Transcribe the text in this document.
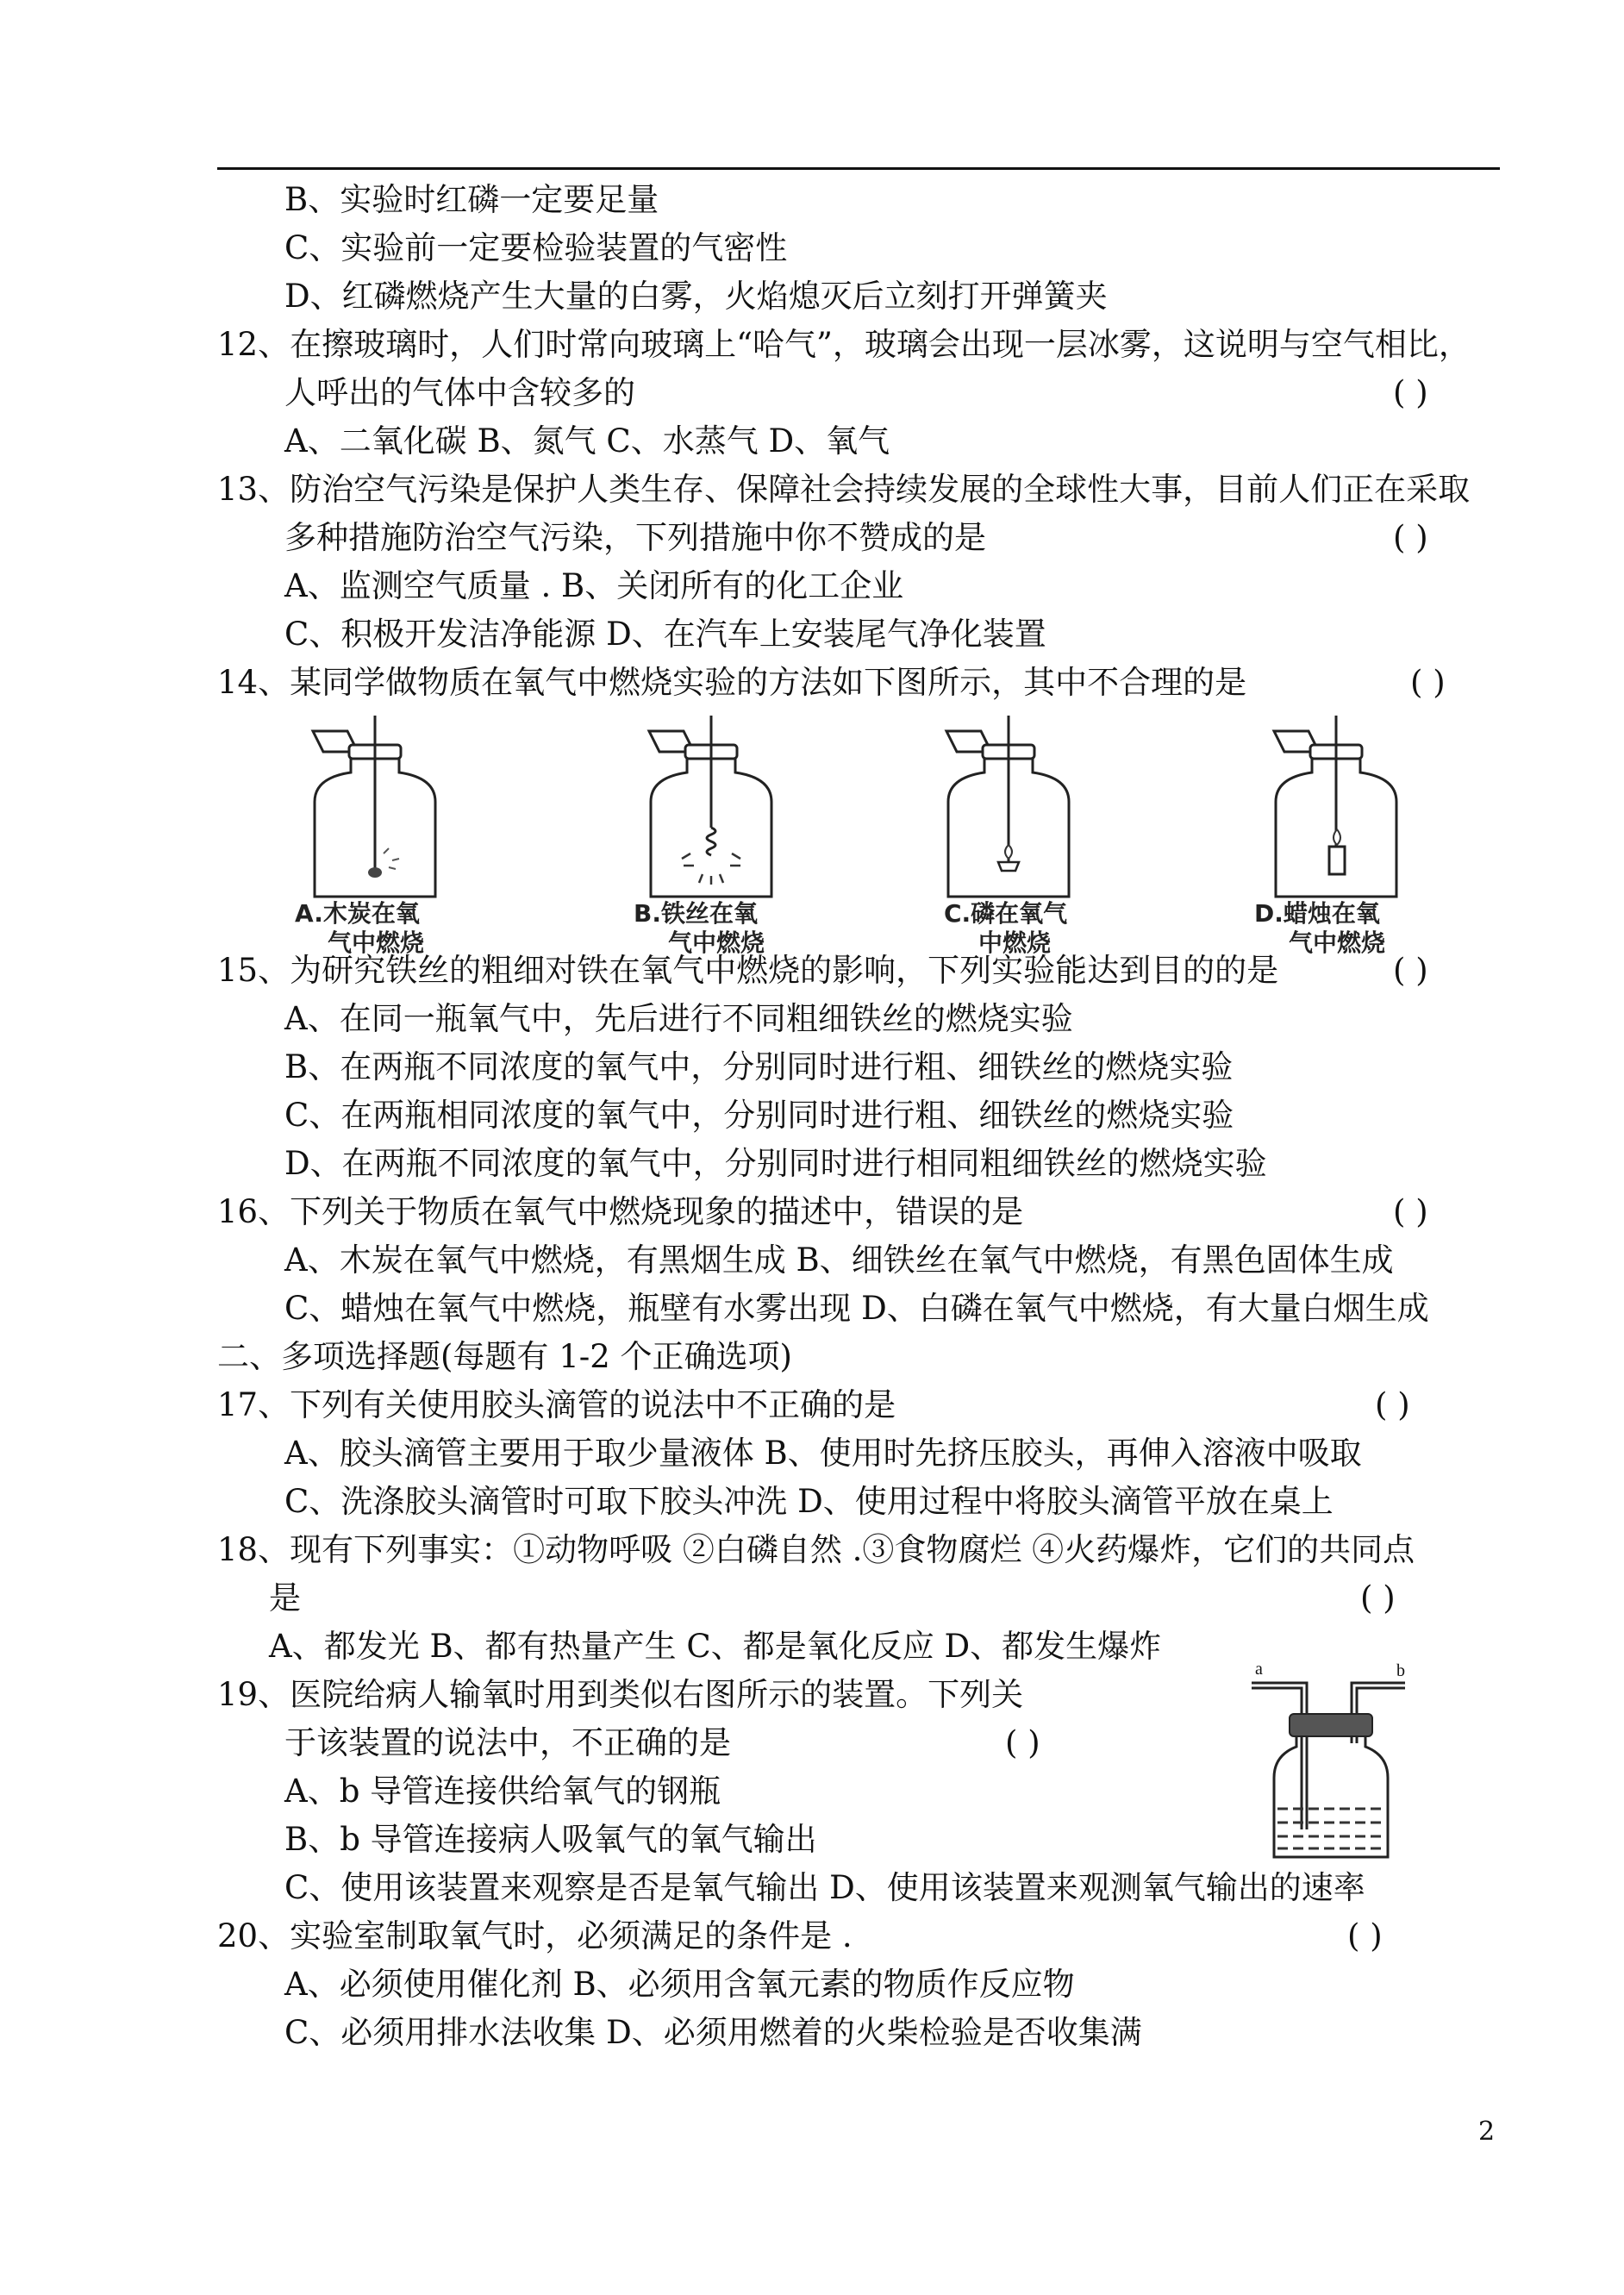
B、实验时红磷一定要足量
C、实验前一定要检验装置的气密性
D、红磷燃烧产生大量的白雾，火焰熄灭后立刻打开弹簧夹
12、在擦玻璃时，人们时常向玻璃上“哈气”，玻璃会出现一层冰雾，这说明与空气相比，
人呼出的气体中含较多的	( )
A、二氧化碳 B、氮气 C、水蒸气 D、氧气
13、防治空气污染是保护人类生存、保障社会持续发展的全球性大事，目前人们正在采取
多种措施防治空气污染，下列措施中你不赞成的是	( )
A、监测空气质量 . B、关闭所有的化工企业
C、积极开发洁净能源 D、在汽车上安装尾气净化装置
14、某同学做物质在氧气中燃烧实验的方法如下图所示，其中不合理的是	( )
A.木炭在氧
气中燃烧
B.铁丝在氧
气中燃烧
C.磷在氧气
中燃烧
D.蜡烛在氧
气中燃烧
15、为研究铁丝的粗细对铁在氧气中燃烧的影响，下列实验能达到目的的是	( )
A、在同一瓶氧气中，先后进行不同粗细铁丝的燃烧实验
B、在两瓶不同浓度的氧气中，分别同时进行粗、细铁丝的燃烧实验
C、在两瓶相同浓度的氧气中，分别同时进行粗、细铁丝的燃烧实验
D、在两瓶不同浓度的氧气中，分别同时进行相同粗细铁丝的燃烧实验
16、下列关于物质在氧气中燃烧现象的描述中，错误的是	( )
A、木炭在氧气中燃烧，有黑烟生成 B、细铁丝在氧气中燃烧，有黑色固体生成
C、蜡烛在氧气中燃烧，瓶壁有水雾出现 D、白磷在氧气中燃烧，有大量白烟生成
二、多项选择题(每题有 1-2 个正确选项)
17、下列有关使用胶头滴管的说法中不正确的是	( )
A、胶头滴管主要用于取少量液体 B、使用时先挤压胶头，再伸入溶液中吸取
C、洗涤胶头滴管时可取下胶头冲洗 D、使用过程中将胶头滴管平放在桌上
18、现有下列事实：①动物呼吸 ②白磷自然 .③食物腐烂 ④火药爆炸，它们的共同点
是	( )
A、都发光 B、都有热量产生 C、都是氧化反应 D、都发生爆炸
19、医院给病人输氧时用到类似右图所示的装置。下列关
于该装置的说法中，不正确的是	( )
A、b 导管连接供给氧气的钢瓶
B、b 导管连接病人吸氧气的氧气输出
C、使用该装置来观察是否是氧气输出 D、使用该装置来观测氧气输出的速率
a	b
20、实验室制取氧气时，必须满足的条件是 .	( )
A、必须使用催化剂 B、必须用含氧元素的物质作反应物
C、必须用排水法收集 D、必须用燃着的火柴检验是否收集满
2
